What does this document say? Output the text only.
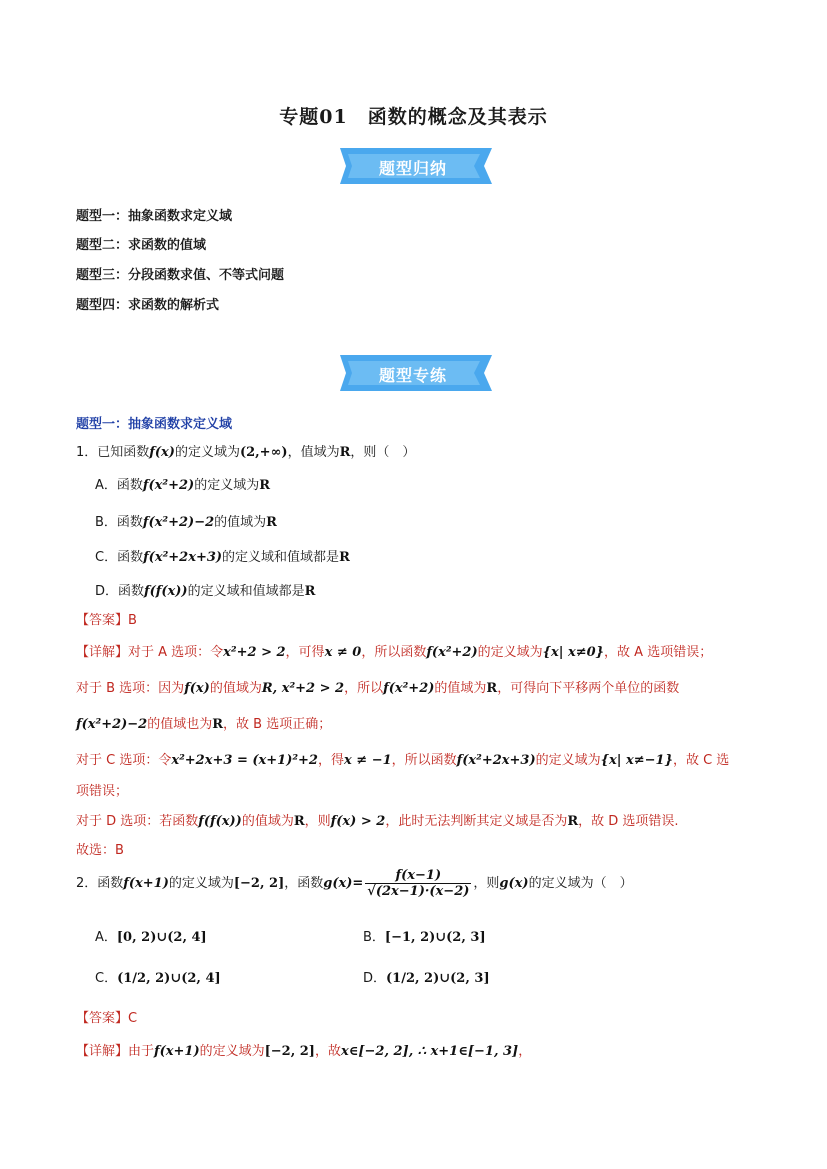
专题01　函数的概念及其表示
题型归纳
题型一：抽象函数求定义域
题型二：求函数的值域
题型三：分段函数求值、不等式问题
题型四：求函数的解析式
题型专练
题型一：抽象函数求定义域
1．已知函数f(x)的定义域为(2,+∞)，值域为R，则（　）
A．函数f(x²+2)的定义域为R
B．函数f(x²+2)−2的值域为R
C．函数f(x²+2x+3)的定义域和值域都是R
D．函数f(f(x))的定义域和值域都是R
【答案】B
【详解】对于 A 选项：令x²+2 > 2，可得x ≠ 0，所以函数f(x²+2)的定义域为{x| x≠0}，故 A 选项错误；
对于 B 选项：因为f(x)的值域为R, x²+2 > 2，所以f(x²+2)的值域为R，可得向下平移两个单位的函数
f(x²+2)−2的值域也为R，故 B 选项正确；
对于 C 选项：令x²+2x+3 = (x+1)²+2，得x ≠ −1，所以函数f(x²+2x+3)的定义域为{x| x≠−1}，故 C 选
项错误；
对于 D 选项：若函数f(f(x))的值域为R，则f(x) > 2，此时无法判断其定义域是否为R，故 D 选项错误.
故选：B
2．函数f(x+1)的定义域为[−2, 2]，函数$g(x)= \frac{f(x-1)}{√(2x-1)\cdot(x-2)}$ ，则g(x)的定义域为（　）
A．[0, 2)∪(2, 4]	B．[−1, 2)∪(2, 3]
C．(1/2, 2)∪(2, 4]	D．(1/2, 2)∪(2, 3]
【答案】C
【详解】由于f(x+1)的定义域为[−2, 2]，故x∈[−2, 2], ∴ x+1∈[−1, 3]，
